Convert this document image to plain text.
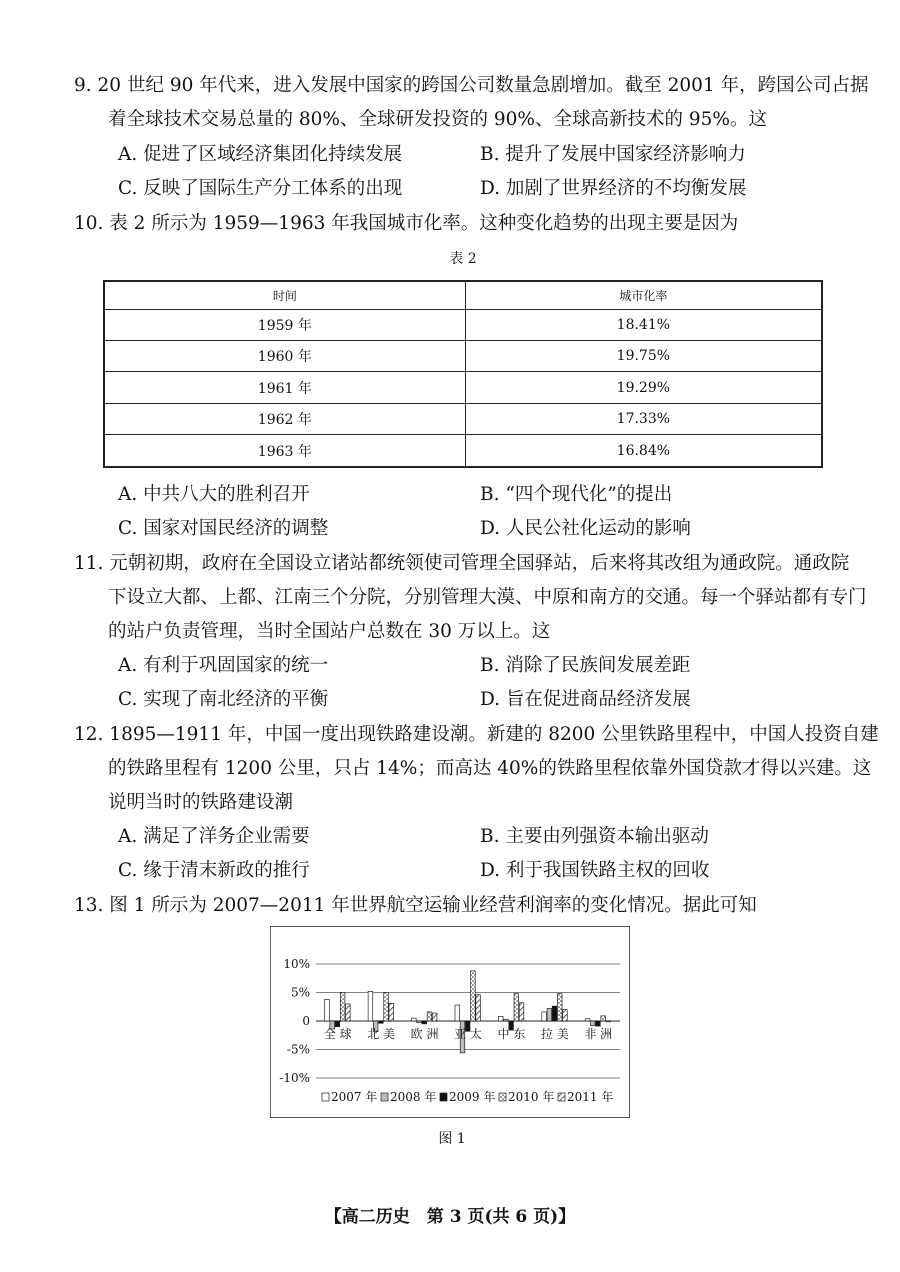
9. 20 世纪 90 年代来，进入发展中国家的跨国公司数量急剧增加。截至 2001 年，跨国公司占据
着全球技术交易总量的 80%、全球研发投资的 90%、全球高新技术的 95%。这
A. 促进了区域经济集团化持续发展	B. 提升了发展中国家经济影响力
C. 反映了国际生产分工体系的出现	D. 加剧了世界经济的不均衡发展
10. 表 2 所示为 1959—1963 年我国城市化率。这种变化趋势的出现主要是因为
表 2
时间	城市化率
1959 年	18.41%
1960 年	19.75%
1961 年	19.29%
1962 年	17.33%
1963 年	16.84%
A. 中共八大的胜利召开	B. “四个现代化”的提出
C. 国家对国民经济的调整	D. 人民公社化运动的影响
11. 元朝初期，政府在全国设立诸站都统领使司管理全国驿站，后来将其改组为通政院。通政院
下设立大都、上都、江南三个分院，分别管理大漠、中原和南方的交通。每一个驿站都有专门
的站户负责管理，当时全国站户总数在 30 万以上。这
A. 有利于巩固国家的统一	B. 消除了民族间发展差距
C. 实现了南北经济的平衡	D. 旨在促进商品经济发展
12. 1895—1911 年，中国一度出现铁路建设潮。新建的 8200 公里铁路里程中，中国人投资自建
的铁路里程有 1200 公里，只占 14%；而高达 40%的铁路里程依靠外国贷款才得以兴建。这
说明当时的铁路建设潮
A. 满足了洋务企业需要	B. 主要由列强资本输出驱动
C. 缘于清末新政的推行	D. 利于我国铁路主权的回收
13. 图 1 所示为 2007—2011 年世界航空运输业经营利润率的变化情况。据此可知
10%
5%
0
-5%
-10%
全 球 北 美 欧 洲 亚 太 中 东 拉 美 非 洲
2007 年 2008 年 2009 年 2010 年 2011 年
图 1
【高二历史　第 3 页(共 6 页)】
